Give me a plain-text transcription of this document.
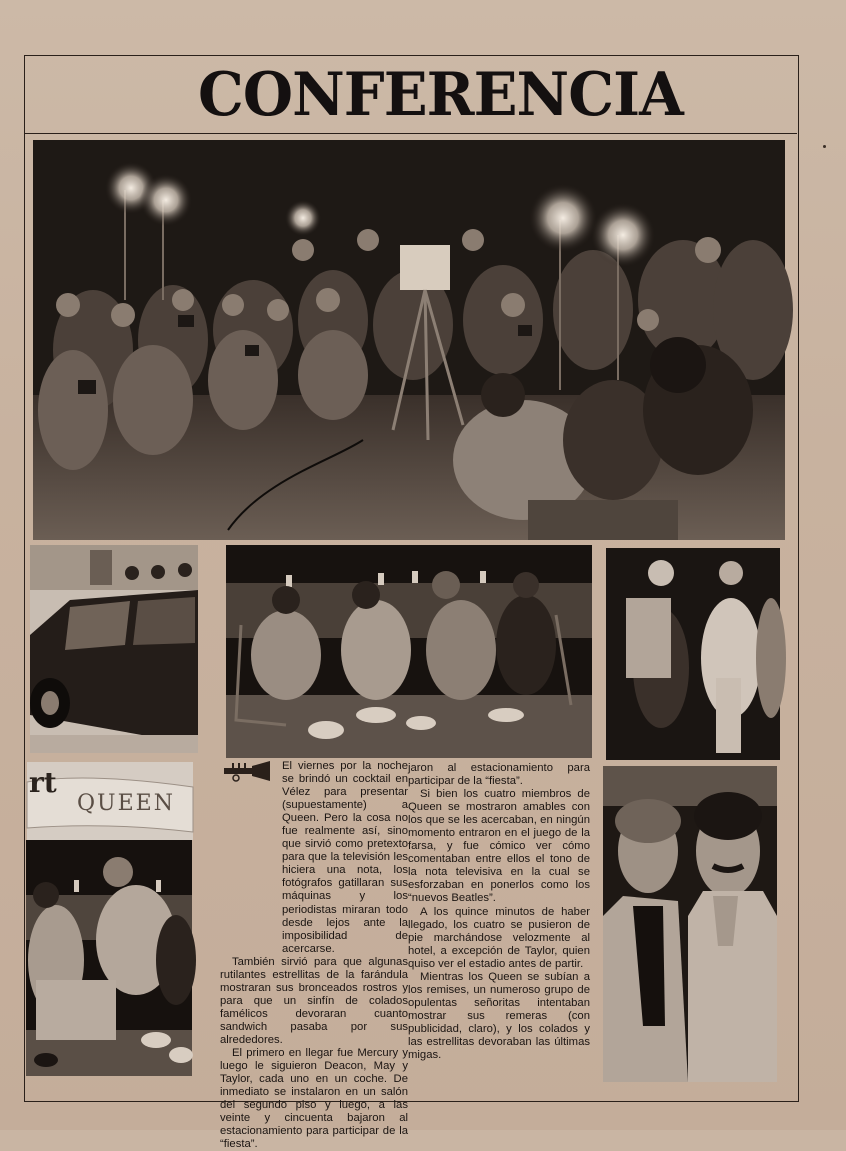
CONFERENCIA
rt
QUEEN

El viernes por la noche se brindó un cocktail en Vélez para presentar (supuestamente) a Queen. Pero la cosa no fue realmente así, sino que sirvió como pretexto para que la televisión les hiciera una nota, los fotógrafos gatillaran sus máquinas y los periodistas miraran todo desde lejos ante la imposibilidad de acercarse.

También sirvió para que algunas rutilantes estrellitas de la farándula mostraran sus bronceados rostros y para que un sinfín de colados famélicos devoraran cuanto sandwich pasaba por sus alrededores.

El primero en llegar fue Mercury y luego le siguieron Deacon, May y Taylor, cada uno en un coche. De inmediato se instalaron en un salón del segundo piso y luego, a las veinte y cincuenta bajaron al estacionamiento para participar de la “fiesta”.

jaron al estacionamiento para participar de la “fiesta”.

Si bien los cuatro miembros de Queen se mostraron amables con los que se les acercaban, en ningún momento entraron en el juego de la farsa, y fue cómico ver cómo comentaban entre ellos el tono de la nota televisiva en la cual se esforzaban en ponerlos como los “nuevos Beatles”.

A los quince minutos de haber llegado, los cuatro se pusieron de pie marchándose velozmente al hotel, a excepción de Taylor, quien quiso ver el estadio antes de partir.

Mientras los Queen se subían a los remises, un numeroso grupo de opulentas señoritas intentaban mostrar sus remeras (con publicidad, claro), y los colados y las estrellitas devoraban las últimas migas.
